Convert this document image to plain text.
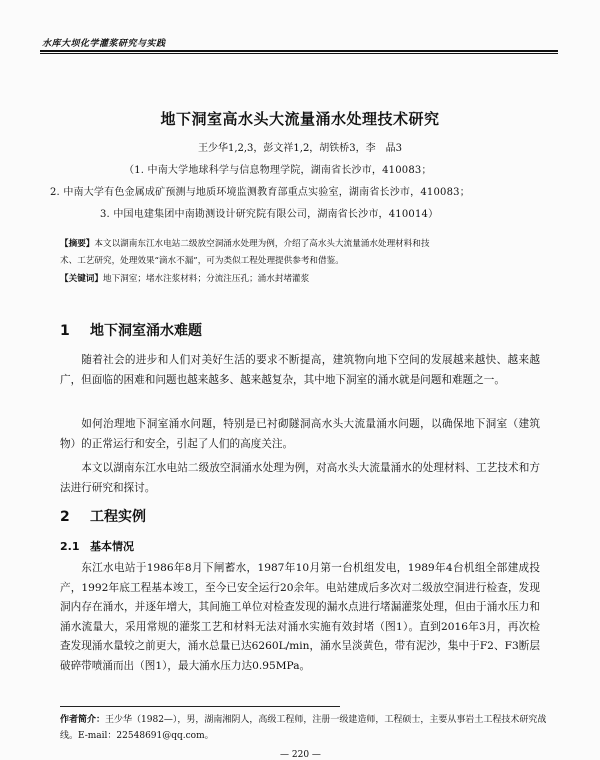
水库大坝化学灌浆研究与实践
地下洞室高水头大流量涌水处理技术研究
王少华1,2,3，彭文祥1,2，胡铁桥3，李　晶3
（1. 中南大学地球科学与信息物理学院，湖南省长沙市，410083；
2. 中南大学有色金属成矿预测与地质环境监测教育部重点实验室，湖南省长沙市，410083；
3. 中国电建集团中南勘测设计研究院有限公司，湖南省长沙市，410014）
【摘要】本文以湖南东江水电站二级放空洞涌水处理为例，介绍了高水头大流量涌水处理材料和技
术、工艺研究，处理效果“滴水不漏”，可为类似工程处理提供参考和借鉴。
【关键词】地下洞室；堵水注浆材料；分流注压孔；涌水封堵灌浆
1 地下洞室涌水难题
随着社会的进步和人们对美好生活的要求不断提高，建筑物向地下空间的发展越来越快、越来越广，但面临的困难和问题也越来越多、越来越复杂，其中地下洞室的涌水就是问题和难题之一。
如何治理地下洞室涌水问题，特别是已衬砌隧洞高水头大流量涌水问题，以确保地下洞室（建筑物）的正常运行和安全，引起了人们的高度关注。
本文以湖南东江水电站二级放空洞涌水处理为例，对高水头大流量涌水的处理材料、工艺技术和方法进行研究和探讨。
2 工程实例
2.1 基本情况
东江水电站于1986年8月下闸蓄水，1987年10月第一台机组发电，1989年4台机组全部建成投产，1992年底工程基本竣工，至今已安全运行20余年。电站建成后多次对二级放空洞进行检查，发现洞内存在涌水，并逐年增大，其间施工单位对检查发现的漏水点进行堵漏灌浆处理，但由于涌水压力和涌水流量大，采用常规的灌浆工艺和材料无法对涌水实施有效封堵（图1）。直到2016年3月，再次检查发现涌水量较之前更大，涌水总量已达6260L/min，涌水呈淡黄色，带有泥沙，集中于F2、F3断层破碎带喷涌而出（图1），最大涌水压力达0.95MPa。
作者简介：王少华（1982—），男，湖南湘阴人，高级工程师，注册一级建造师，工程硕士，主要从事岩土工程技术研究战线。E-mail：22548691@qq.com。
— 220 —
